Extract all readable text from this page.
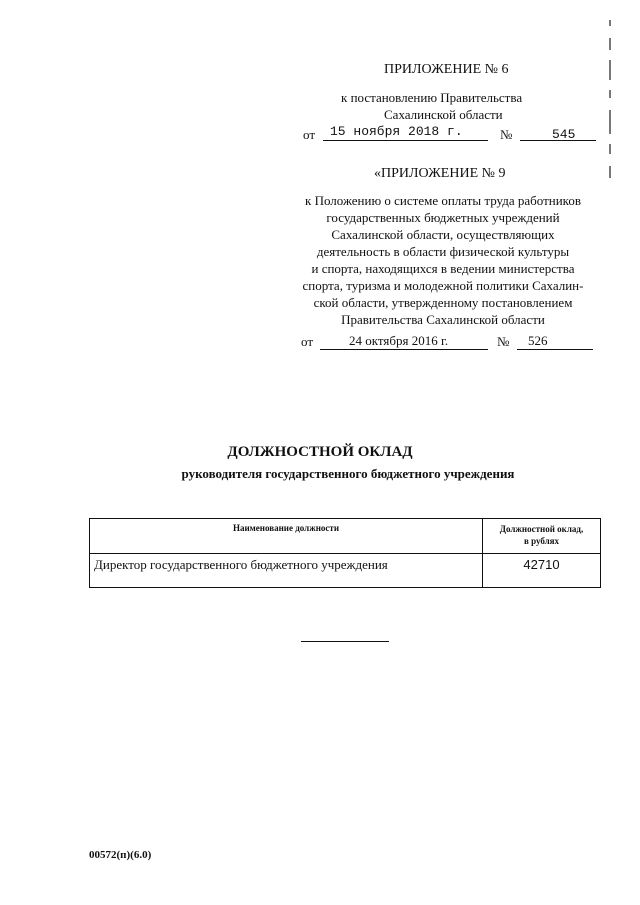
ПРИЛОЖЕНИЕ № 6
к постановлению Правительства
Сахалинской области
от 15 ноября 2018 г.	№	545
«ПРИЛОЖЕНИЕ № 9
к Положению о системе оплаты труда работников
государственных бюджетных учреждений
Сахалинской области, осуществляющих
деятельность в области физической культуры
и спорта, находящихся в ведении министерства
спорта, туризма и молодежной политики Сахалин-
ской области, утвержденному постановлением
Правительства Сахалинской области
от	24 октября 2016 г.	№ 526
ДОЛЖНОСТНОЙ ОКЛАД
руководителя государственного бюджетного учреждения
Наименование должности	Должностной оклад,
в рублях

Директор государственного бюджетного учреждения	42710
00572(п)(6.0)
